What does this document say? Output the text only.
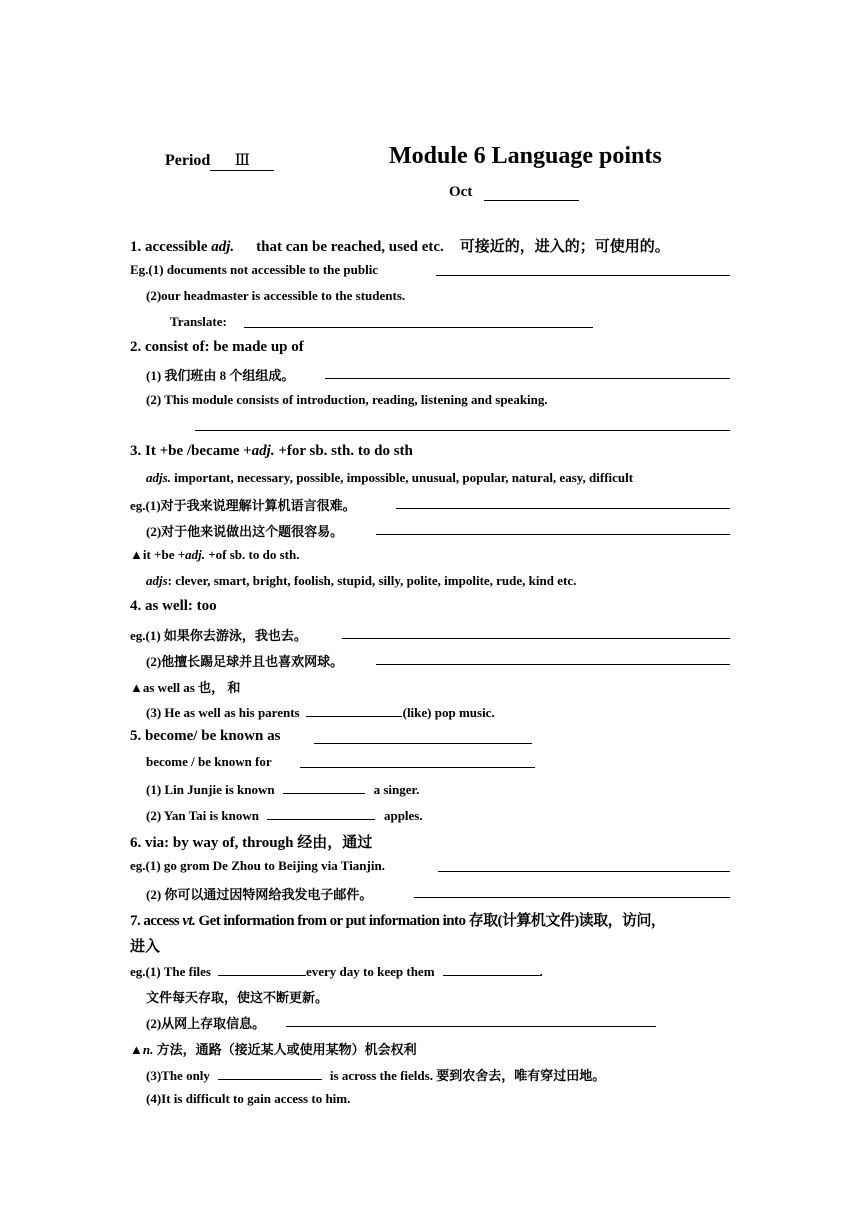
Period Ⅲ	Module 6 Language points
Oct
1. accessible adj. that can be reached, used etc. 可接近的，进入的；可使用的。
Eg.(1) documents not accessible to the public
(2)our headmaster is accessible to the students.
Translate:
2. consist of: be made up of
(1) 我们班由 8 个组组成。
(2) This module consists of introduction, reading, listening and speaking.
3. It +be /became +adj. +for sb. sth. to do sth
adjs. important, necessary, possible, impossible, unusual, popular, natural, easy, difficult
eg.(1)对于我来说理解计算机语言很难。
(2)对于他来说做出这个题很容易。
▲it +be +adj. +of sb. to do sth.
adjs: clever, smart, bright, foolish, stupid, silly, polite, impolite, rude, kind etc.
4. as well: too
eg.(1) 如果你去游泳，我也去。
(2)他擅长踢足球并且也喜欢网球。
▲as well as 也， 和
(3) He as well as his parents	(like) pop music.
5. become/ be known as
become / be known for
(1) Lin Junjie is known	a singer.
(2) Yan Tai is known	apples.
6. via: by way of, through 经由，通过
eg.(1) go grom De Zhou to Beijing via Tianjin.
(2) 你可以通过因特网给我发电子邮件。
7. access vt. Get information from or put information into 存取(计算机文件)读取，访问，
进入
eg.(1) The files	every day to keep them	.
文件每天存取，使这不断更新。
(2)从网上存取信息。
▲n. 方法，通路（接近某人或使用某物）机会权利
(3)The only	is across the fields. 要到农舍去，唯有穿过田地。
(4)It is difficult to gain access to him.
